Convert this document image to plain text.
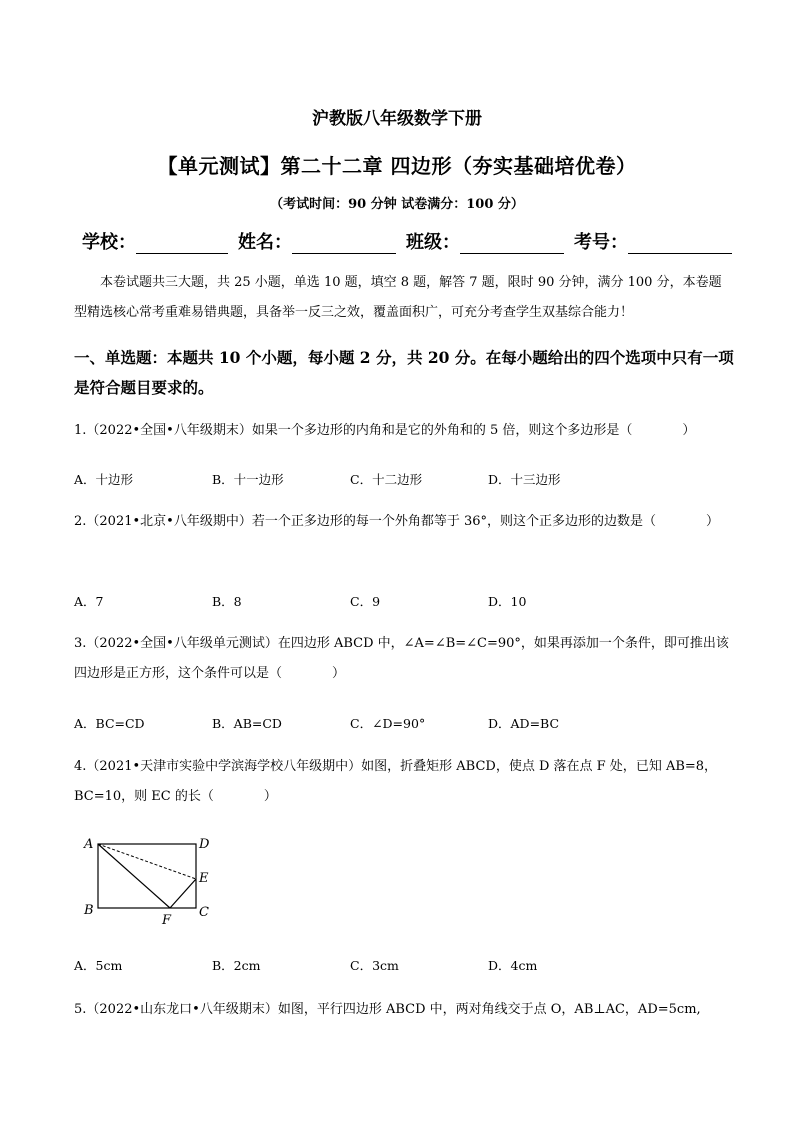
沪教版八年级数学下册
【单元测试】第二十二章 四边形（夯实基础培优卷）
（考试时间：90 分钟 试卷满分：100 分）
学校：	姓名：	班级：	考号：
本卷试题共三大题，共 25 小题，单选 10 题，填空 8 题，解答 7 题，限时 90 分钟，满分 100 分，本卷题型精选核心常考重难易错典题，具备举一反三之效，覆盖面积广，可充分考查学生双基综合能力！
一、单选题：本题共 10 个小题，每小题 2 分，共 20 分。在每小题给出的四个选项中只有一项是符合题目要求的。
1.（2022•全国•八年级期末）如果一个多边形的内角和是它的外角和的 5 倍，则这个多边形是（	）
A．十边形	B．十一边形	C．十二边形	D．十三边形
2.（2021•北京•八年级期中）若一个正多边形的每一个外角都等于 36°，则这个正多边形的边数是（	）
A．7	B．8	C．9	D．10
3.（2022•全国•八年级单元测试）在四边形 ABCD 中，∠A=∠B=∠C=90°，如果再添加一个条件，即可推出该四边形是正方形，这个条件可以是（	）
A．BC=CD	B．AB=CD	C．∠D=90°	D．AD=BC
4.（2021•天津市实验中学滨海学校八年级期中）如图，折叠矩形 ABCD，使点 D 落在点 F 处，已知 AB=8，BC=10，则 EC 的长（	）
A	D
E
B	C
F
A．5cm	B．2cm	C．3cm	D．4cm
5.（2022•山东龙口•八年级期末）如图，平行四边形 ABCD 中，两对角线交于点 O，AB⊥AC，AD=5cm,
